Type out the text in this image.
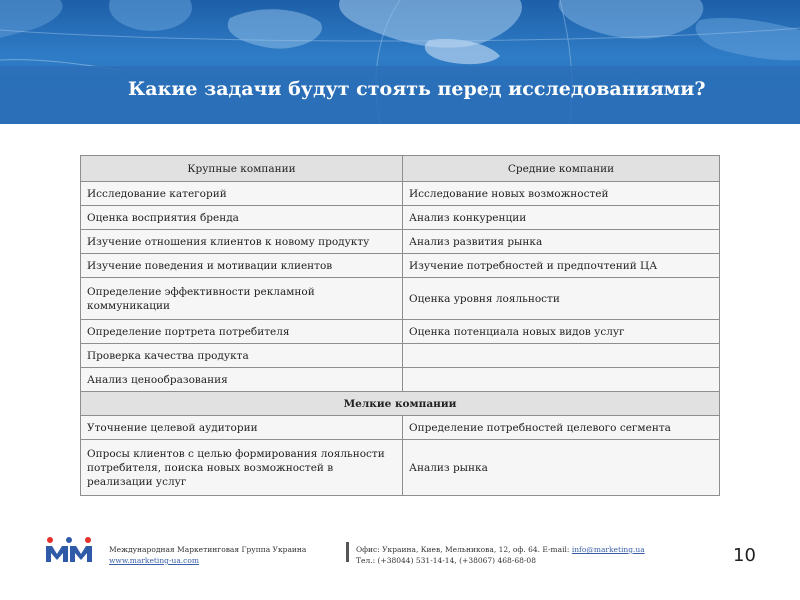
Какие задачи будут стоять перед исследованиями?
Крупные компании	Средние компании
Исследование категорий	Исследование новых возможностей
Оценка восприятия бренда	Анализ конкуренции
Изучение отношения клиентов к новому продукту	Анализ развития рынка
Изучение поведения и мотивации клиентов	Изучение потребностей и предпочтений ЦА
Определение эффективности рекламной коммуникации	Оценка уровня лояльности
Определение портрета потребителя	Оценка потенциала новых видов услуг
Проверка качества продукта	
Анализ ценообразования	
Мелкие компании	
Уточнение целевой аудитории	Определение потребностей целевого сегмента
Опросы клиентов с целью формирования лояльности потребителя, поиска новых возможностей в реализации услуг	Анализ рынка
Международная Маркетинговая Группа Украина
www.marketing-ua.com
Офис: Украина, Киев, Мельникова, 12, оф. 64. E-mail: info@marketing.ua
Тел.: (+38044) 531-14-14, (+38067) 468-68-08	10
